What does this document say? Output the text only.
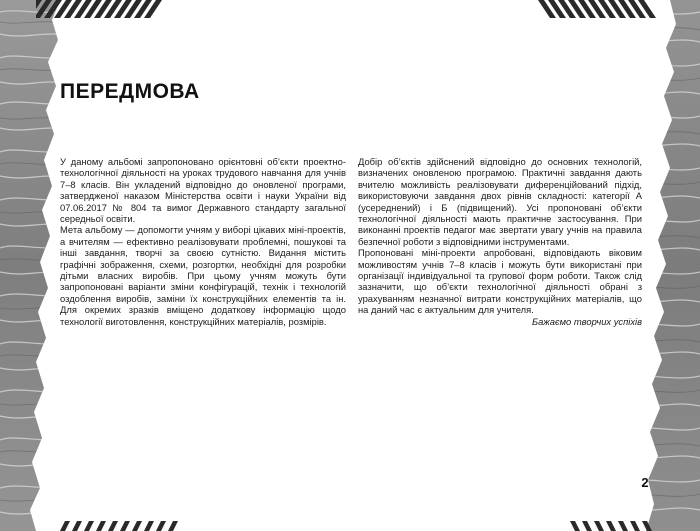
ПЕРЕДМОВА

У даному альбомі запропоновано орієнтовні об’єкти проектно-технологічної діяльності на уроках трудового навчання для учнів 7–8 класів. Він укладений відповідно до оновленої програми, затвердженої наказом Міністерства освіти і науки України від 07.06.2017 № 804 та вимог Державного стандарту загальної середньої освіти.

Мета альбому — допомогти учням у виборі цікавих міні-проектів, а вчителям — ефективно реалізовувати проблемні, пошукові та інші завдання, творчі за своєю сутністю. Видання містить графічні зображення, схеми, розгортки, необхідні для розробки дітьми власних виробів. При цьому учням можуть бути запропоновані варіанти зміни конфігурацій, технік і технологій оздоблення виробів, заміни їх конструкційних елементів та ін. Для окремих зразків вміщено додаткову інформацію щодо технології виготовлення, конструкційних матеріалів, розмірів.

Добір об’єктів здійснений відповідно до основних технологій, визначених оновленою програмою. Практичні завдання дають вчителю можливість реалізовувати диференційований підхід, використовуючи завдання двох рівнів складності: категорії А (усереднений) і Б (підвищений). Усі пропоновані об’єкти технологічної діяльності мають практичне застосування. При виконанні проектів педагог має звертати увагу учнів на правила безпечної роботи з відповідними інструментами.

Пропоновані міні-проекти апробовані, відповідають віковим можливостям учнів 7–8 класів і можуть бути використані при організації індивідуальної та групової форм роботи. Також слід зазначити, що об’єкти технологічної діяльності обрані з урахуванням незначної витрати конструкційних матеріалів, що на даний час є актуальним для учителя.

Бажаємо творчих успіхів

2
